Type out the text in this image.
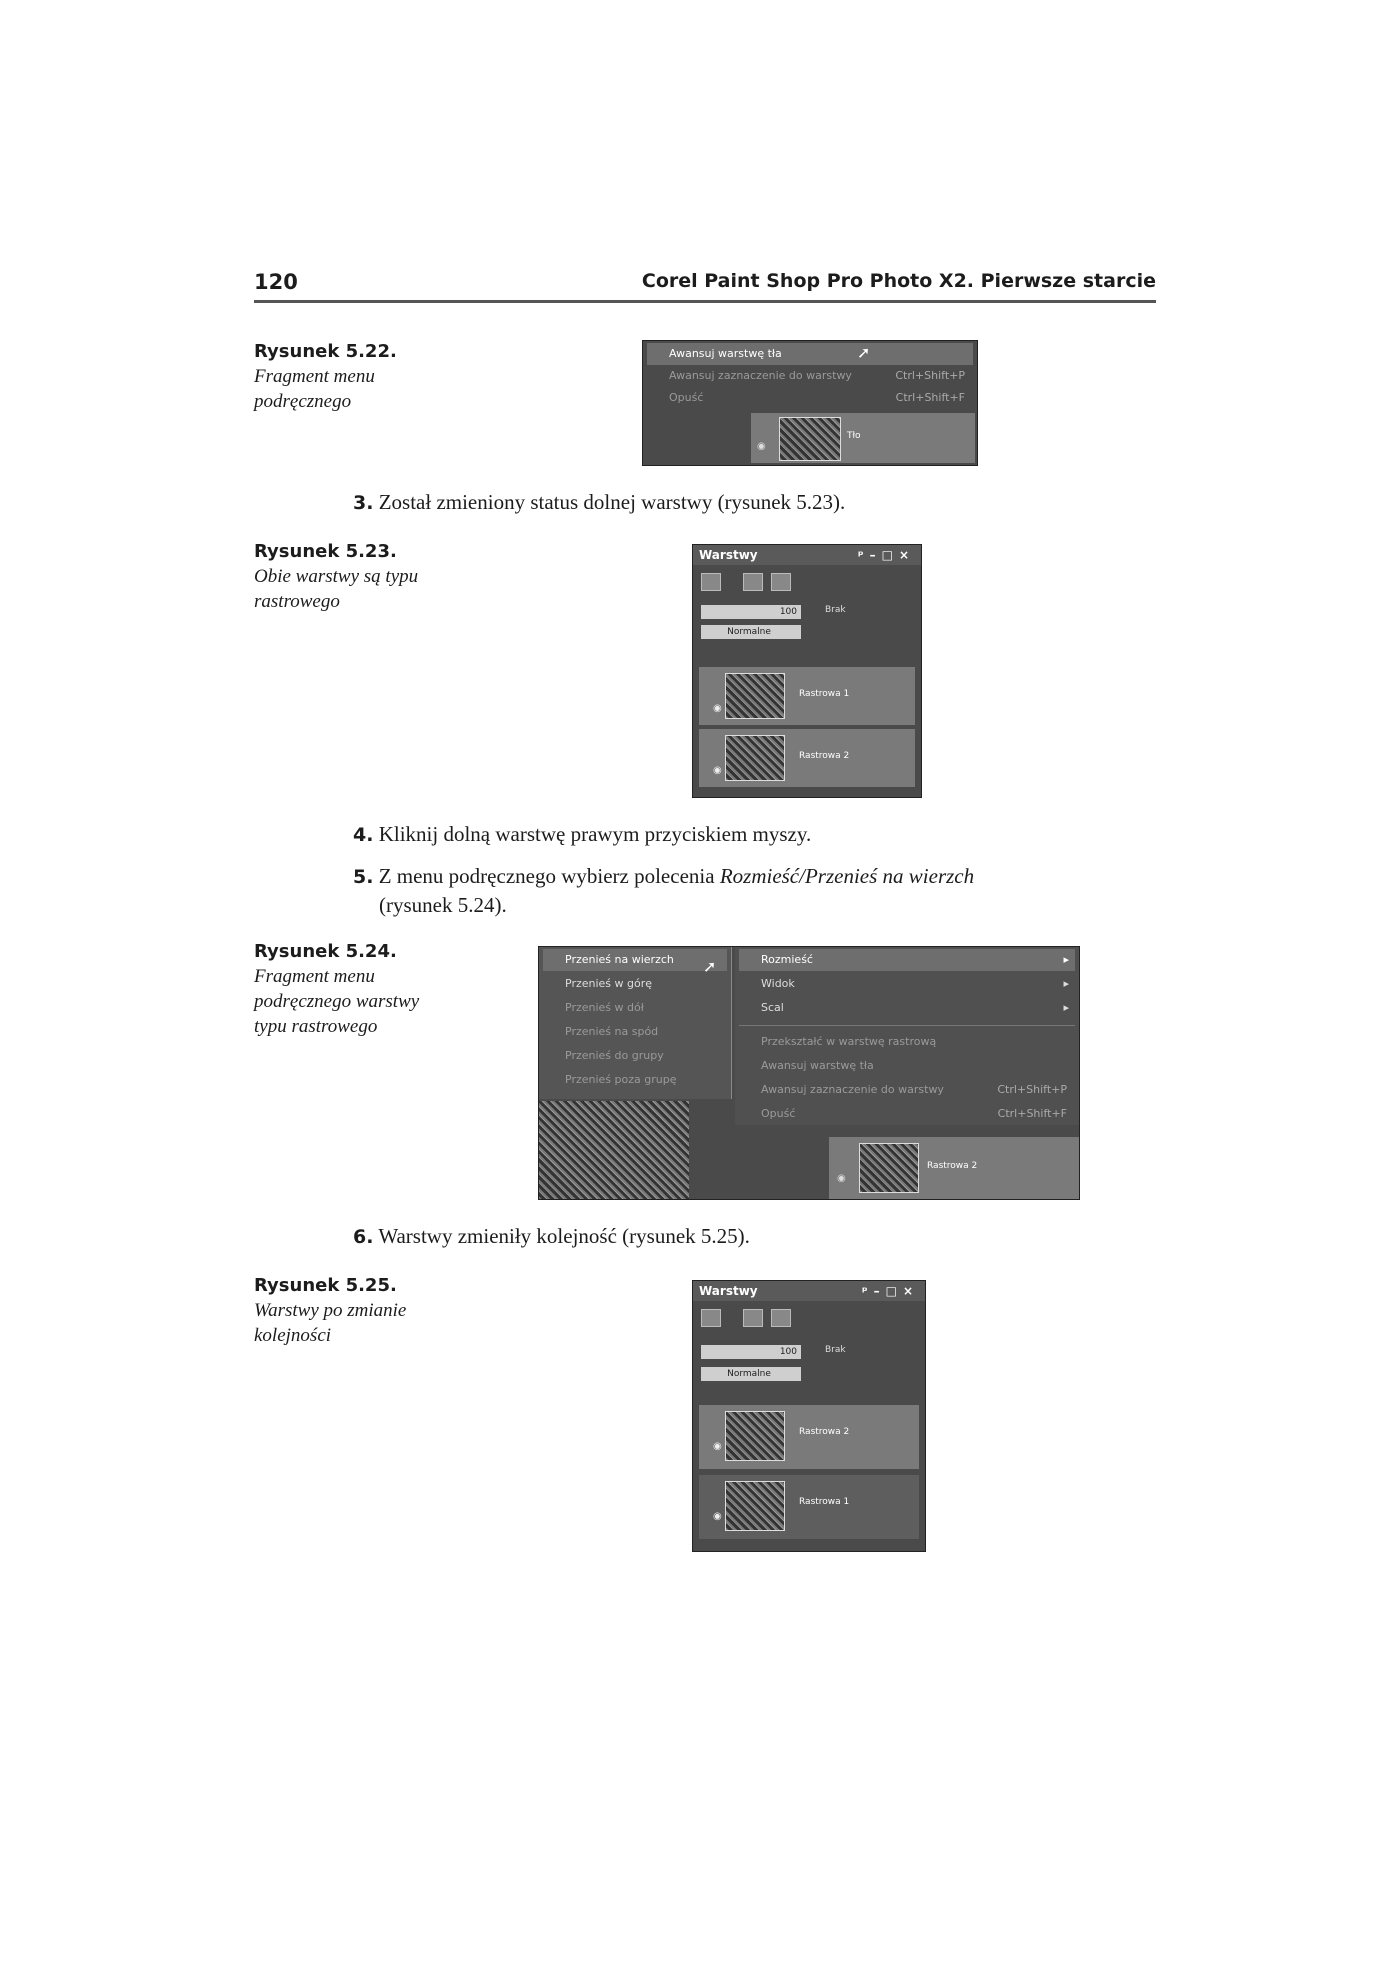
120	Corel Paint Shop Pro Photo X2. Pierwsze starcie
Rysunek 5.22.
Fragment menu
podręcznego
Awansuj warstwę tła
Awansuj zaznaczenie do warstwy	Ctrl+Shift+P
Opuść	Ctrl+Shift+F
➚
◉
Tło
3. Został zmieniony status dolnej warstwy (rysunek 5.23).
Rysunek 5.23.
Obie warstwy są typu
rastrowego
Warstwy	ᵖ–□×
100	Brak
Normalne
◉
Rastrowa 1
◉
Rastrowa 2
4. Kliknij dolną warstwę prawym przyciskiem myszy.
5. Z menu podręcznego wybierz polecenia Rozmieść/Przenieś na wierzch
(rysunek 5.24).
Rysunek 5.24.
Fragment menu
podręcznego warstwy
typu rastrowego
Przenieś na wierzch
Przenieś w górę
Przenieś w dół
Przenieś na spód
Przenieś do grupy
Przenieś poza grupę
➚	Rozmieść	▸
Widok	▸
Scal	▸
Przekształć w warstwę rastrową
Awansuj warstwę tła
Awansuj zaznaczenie do warstwy	Ctrl+Shift+P
Opuść	Ctrl+Shift+F
◉
Rastrowa 2
6. Warstwy zmieniły kolejność (rysunek 5.25).
Rysunek 5.25.
Warstwy po zmianie
kolejności
Warstwy	ᵖ–□×
100	Brak
Normalne
◉
Rastrowa 2
◉
Rastrowa 1
